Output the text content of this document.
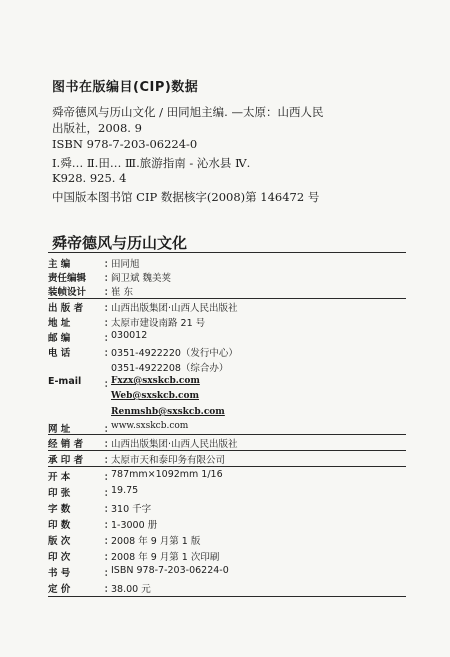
图书在版编目(CIP)数据
舜帝德风与历山文化 / 田同旭主编. —太原：山西人民
出版社，2008. 9
ISBN 978-7-203-06224-0
Ⅰ.舜… Ⅱ.田… Ⅲ.旅游指南 - 沁水县 Ⅳ.
K928. 925. 4
中国版本图书馆 CIP 数据核字(2008)第 146472 号
舜帝德风与历山文化
主 编	：
田同旭
责任编辑 ：
阎卫斌 魏美荚
装帧设计 ：
崔 东
出 版 者 ：
山西出版集团·山西人民出版社
地 址	：
太原市建设南路 21 号
邮 编	：
030012
电 话	：
0351-4922220（发行中心）
0351-4922208（综合办）
E-mail ：
Fxzx@sxskcb.com
Web@sxskcb.com
Renmshb@sxskcb.com
网 址	：
www.sxskcb.com
经 销 者 ：
山西出版集团·山西人民出版社
承 印 者 ：
太原市天和泰印务有限公司
开 本	：
787mm×1092mm 1/16
印 张	：
19.75
字 数	：
310 千字
印 数	：
1-3000 册
版 次	：
2008 年 9 月第 1 版
印 次	：
2008 年 9 月第 1 次印刷
书 号	：
ISBN 978-7-203-06224-0
定 价	：
38.00 元
